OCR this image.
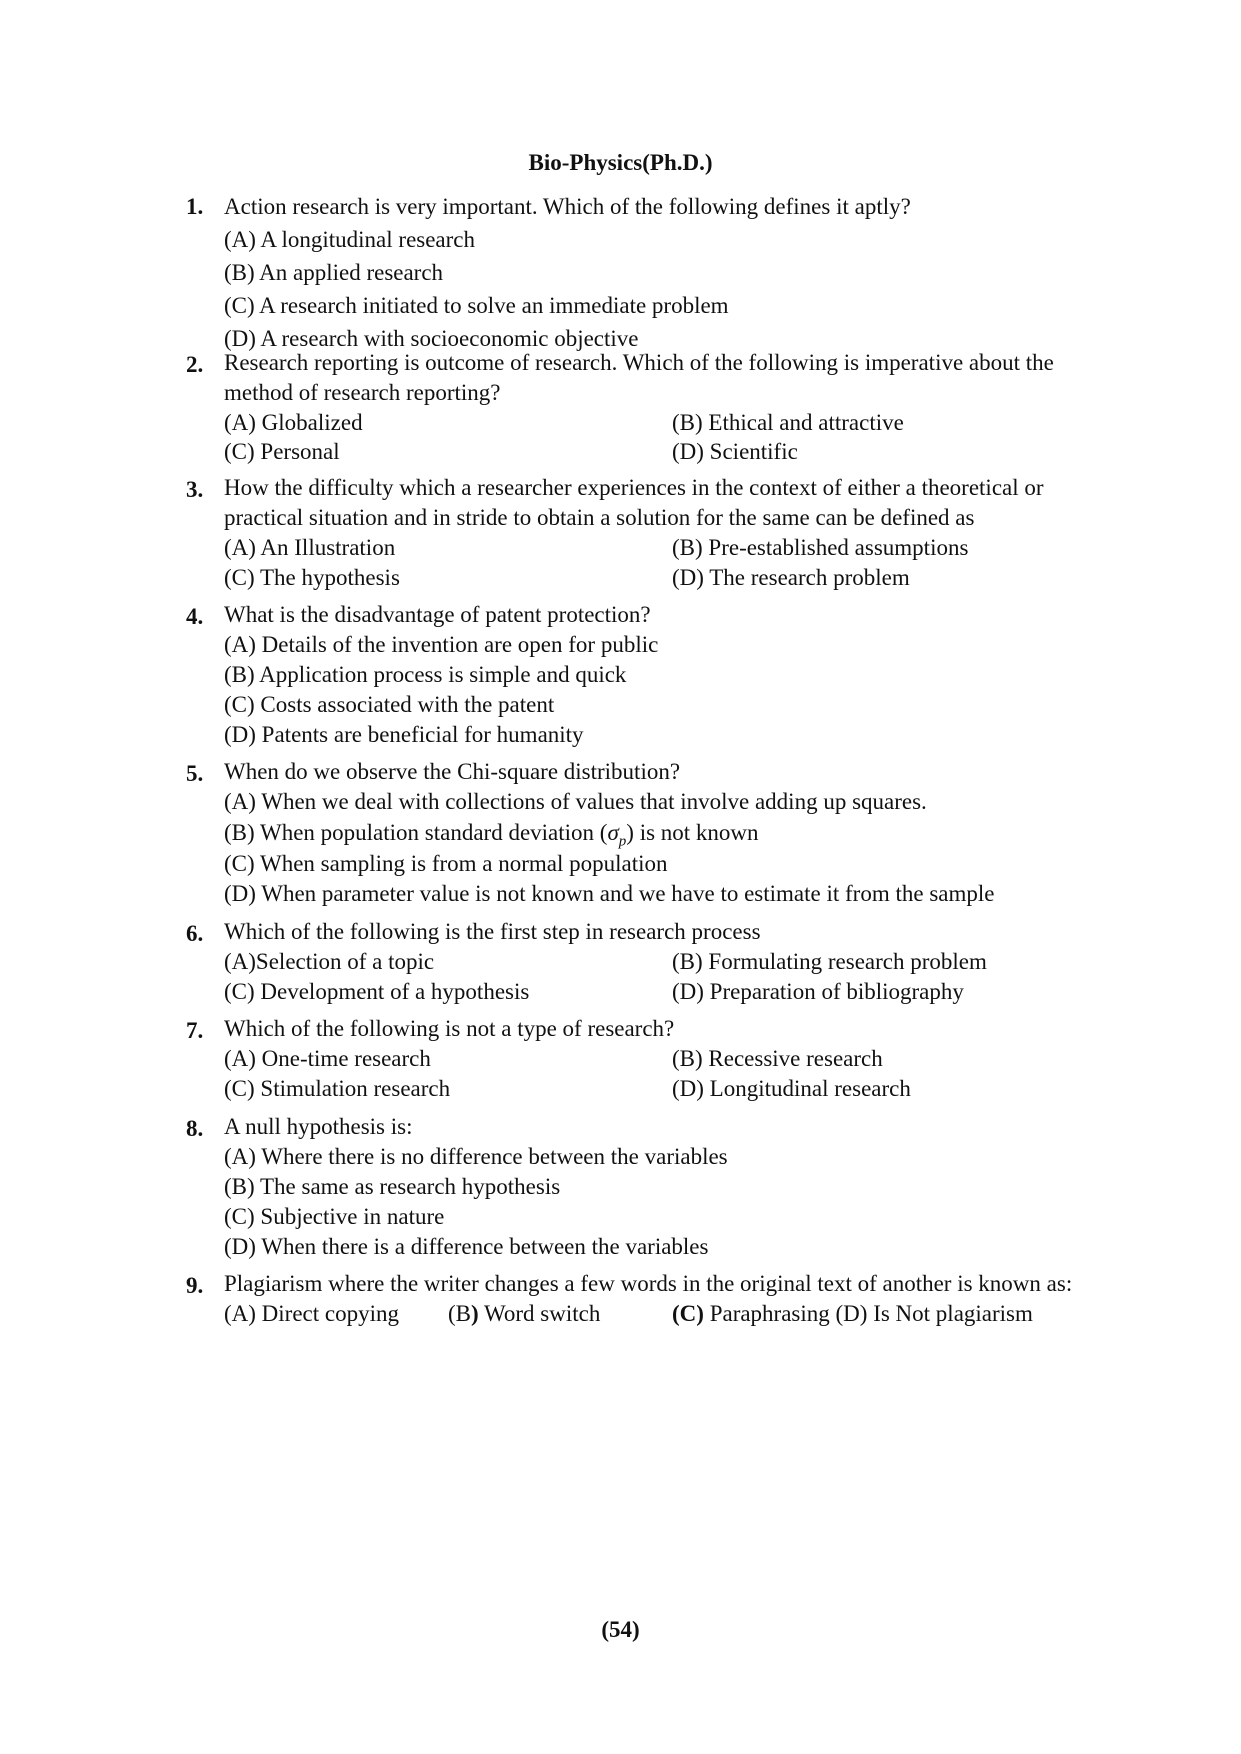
Bio-Physics(Ph.D.)
1. Action research is very important. Which of the following defines it aptly?
(A) A longitudinal research
(B) An applied research
(C) A research initiated to solve an immediate problem
(D) A research with socioeconomic objective
2. Research reporting is outcome of research. Which of the following is imperative about the method of research reporting?
(A) Globalized	(B) Ethical and attractive
(C) Personal	(D) Scientific
3. How the difficulty which a researcher experiences in the context of either a theoretical or practical situation and in stride to obtain a solution for the same can be defined as
(A) An Illustration	(B) Pre-established assumptions
(C) The hypothesis	(D) The research problem
4. What is the disadvantage of patent protection?
(A) Details of the invention are open for public
(B) Application process is simple and quick
(C) Costs associated with the patent
(D) Patents are beneficial for humanity
5. When do we observe the Chi-square distribution?
(A) When we deal with collections of values that involve adding up squares.
(B) When population standard deviation $(\sigma_p)$ is not known
(C) When sampling is from a normal population
(D) When parameter value is not known and we have to estimate it from the sample
6. Which of the following is the first step in research process
(A)Selection of a topic	(B) Formulating research problem
(C) Development of a hypothesis	(D) Preparation of bibliography
7. Which of the following is not a type of research?
(A) One-time research	(B) Recessive research
(C) Stimulation research	(D) Longitudinal research
8. A null hypothesis is:
(A) Where there is no difference between the variables
(B) The same as research hypothesis
(C) Subjective in nature
(D) When there is a difference between the variables
9. Plagiarism where the writer changes a few words in the original text of another is known as:
(A) Direct copying (B) Word switch	(C) Paraphrasing (D) Is Not plagiarism
(54)
